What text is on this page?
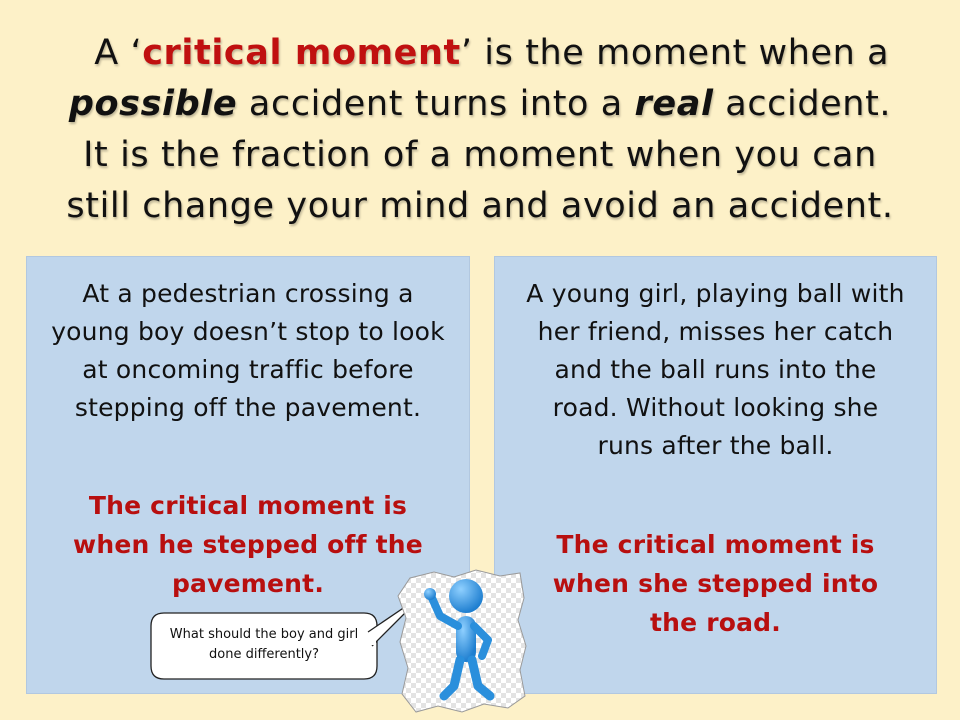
A ‘critical moment’ is the moment when a
possible accident turns into a real accident.
It is the fraction of a moment when you can
still change your mind and avoid an accident.
At a pedestrian crossing a young boy doesn’t stop to look at oncoming traffic before stepping off the pavement.
The critical moment is when he stepped off the pavement.
A young girl, playing ball with her friend, misses her catch and the ball runs into the road. Without looking she runs after the ball.
The critical moment is when she stepped into the road.
What should the boy and girl done differently?
